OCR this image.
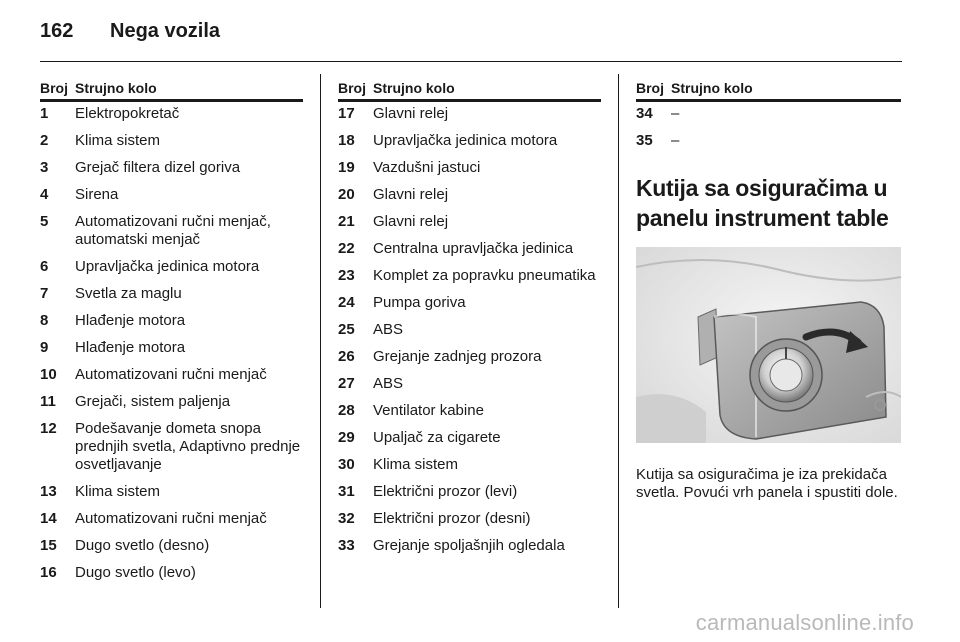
162	Nega vozila
Broj Strujno kolo
1	Elektropokretač
2	Klima sistem
3	Grejač filtera dizel goriva
4	Sirena
5	Automatizovani ručni menjač, automatski menjač
6	Upravljačka jedinica motora
7	Svetla za maglu
8	Hlađenje motora
9	Hlađenje motora
10	Automatizovani ručni menjač
11	Grejači, sistem paljenja
12	Podešavanje dometa snopa prednjih svetla, Adaptivno prednje osvetljavanje
13	Klima sistem
14	Automatizovani ručni menjač
15	Dugo svetlo (desno)
16	Dugo svetlo (levo)
Broj Strujno kolo
17	Glavni relej
18	Upravljačka jedinica motora
19	Vazdušni jastuci
20	Glavni relej
21	Glavni relej
22	Centralna upravljačka jedinica
23	Komplet za popravku pneumatika
24	Pumpa goriva
25	ABS
26	Grejanje zadnjeg prozora
27	ABS
28	Ventilator kabine
29	Upaljač za cigarete
30	Klima sistem
31	Električni prozor (levi)
32	Električni prozor (desni)
33	Grejanje spoljašnjih ogledala
Broj Strujno kolo
34	–
35	–
Kutija sa osiguračima u panelu instrument table

Kutija sa osiguračima je iza prekidača svetla. Povući vrh panela i spustiti dole.

carmanualsonline.info
